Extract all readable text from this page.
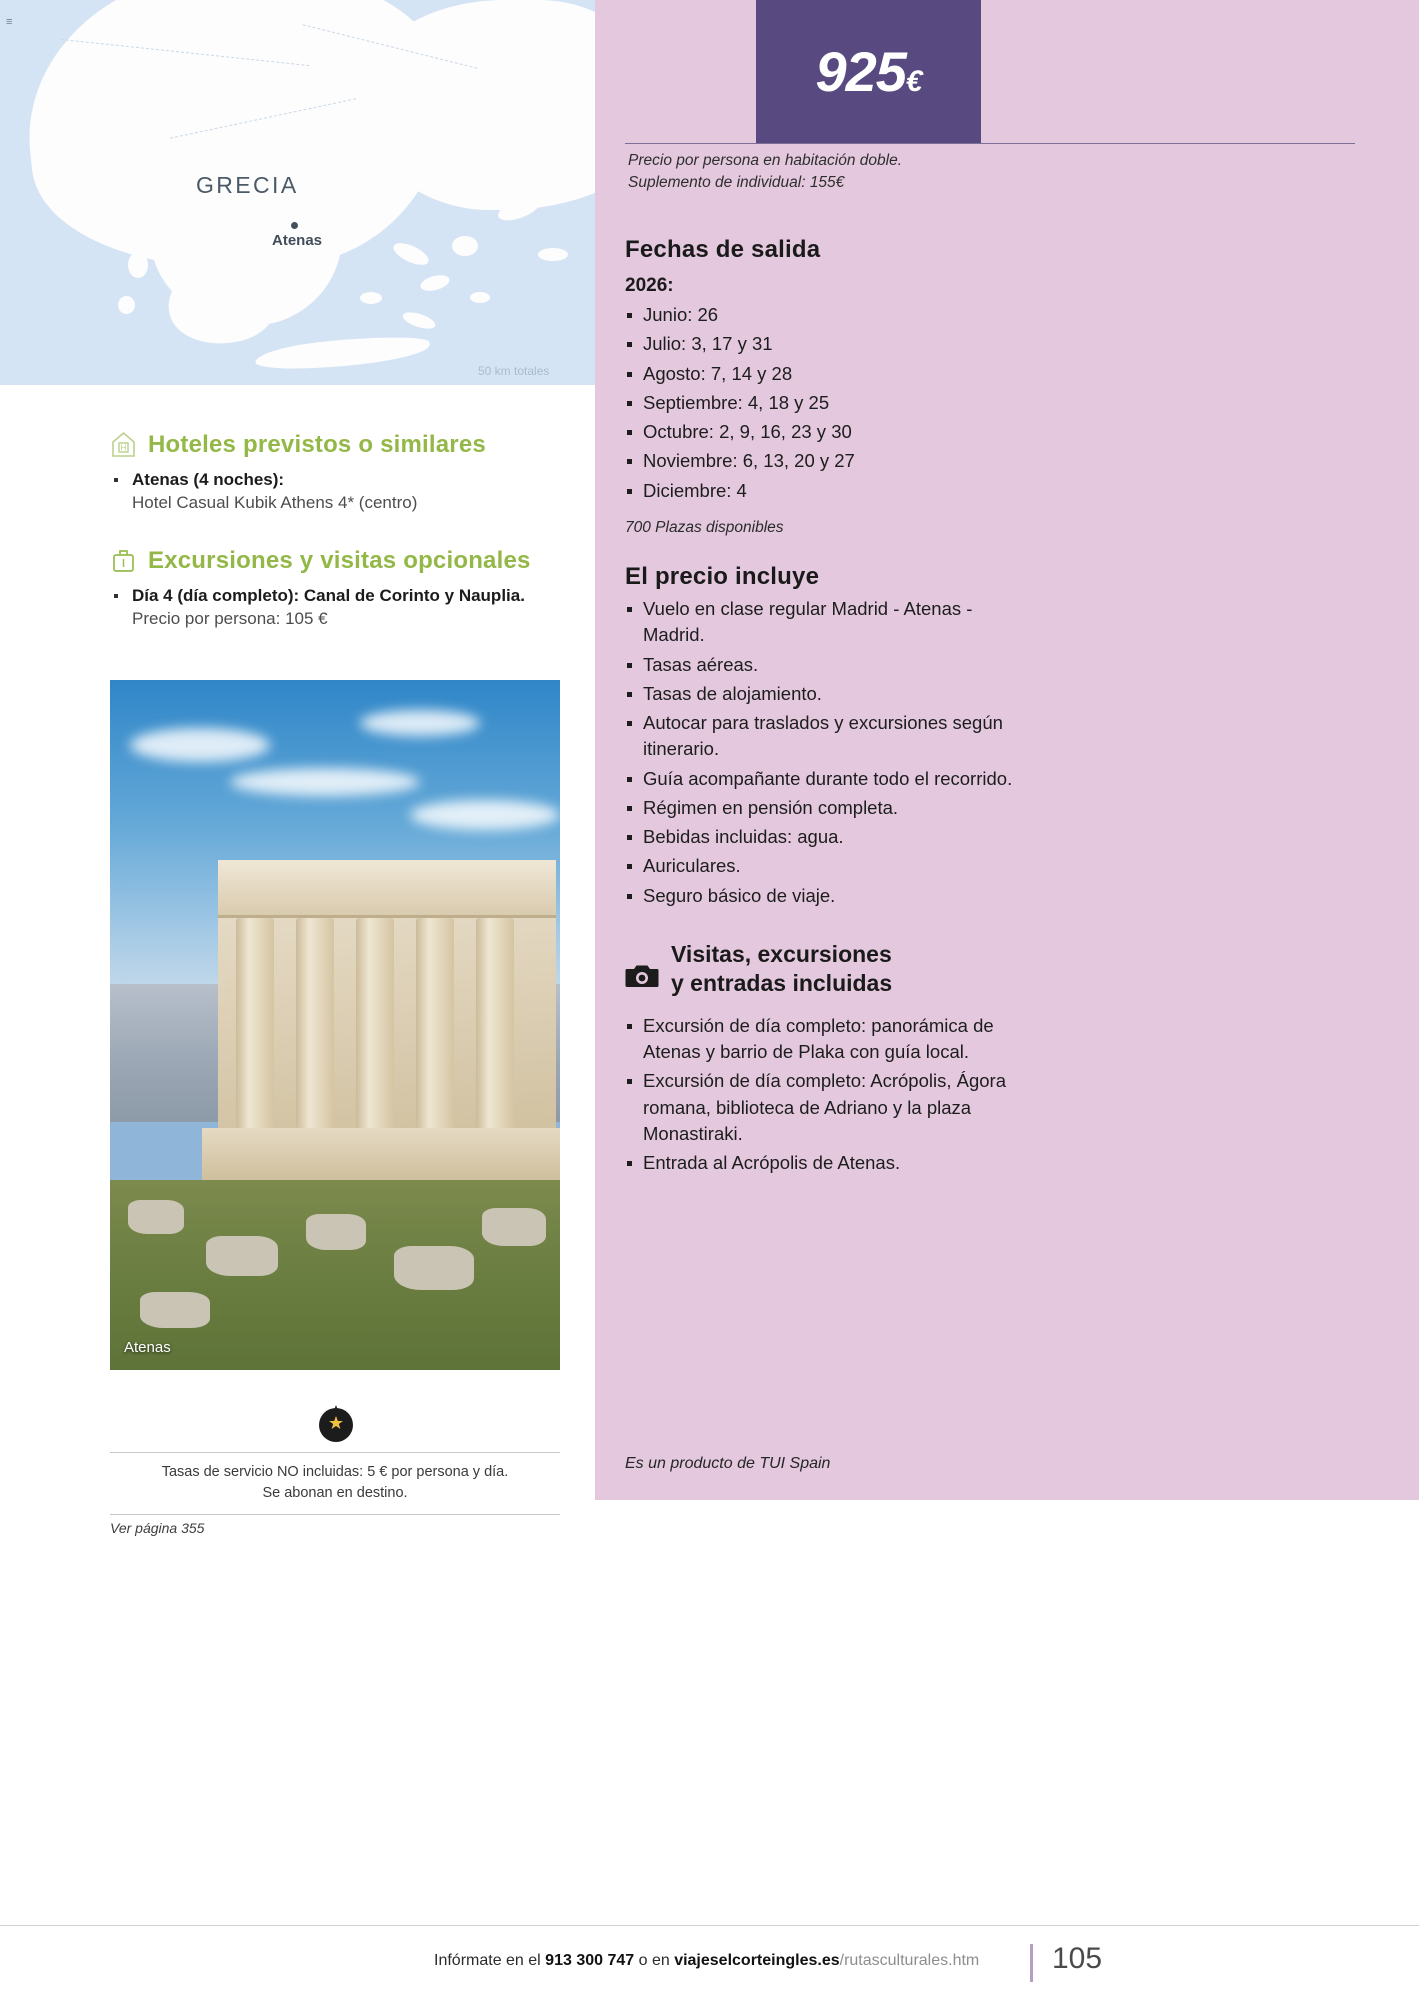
≡
GRECIA
Atenas
50 km totales
H Hoteles previstos o similares
Atenas (4 noches):
Hotel Casual Kubik Athens 4* (centro)
Excursiones y visitas opcionales
Día 4 (día completo): Canal de Corinto y Nauplia.
Precio por persona: 105 €
Atenas
Tasas de servicio NO incluidas: 5 € por persona y día.
Se abonan en destino.
Ver página 355
925€
Precio por persona en habitación doble.
Suplemento de individual: 155€
Fechas de salida
2026:
Junio: 26
Julio: 3, 17 y 31
Agosto: 7, 14 y 28
Septiembre: 4, 18 y 25
Octubre: 2, 9, 16, 23 y 30
Noviembre: 6, 13, 20 y 27
Diciembre: 4
700 Plazas disponibles
El precio incluye
Vuelo en clase regular Madrid - Atenas - Madrid.
Tasas aéreas.
Tasas de alojamiento.
Autocar para traslados y excursiones según itinerario.
Guía acompañante durante todo el recorrido.
Régimen en pensión completa.
Bebidas incluidas: agua.
Auriculares.
Seguro básico de viaje.
Visitas, excursiones
y entradas incluidas
Excursión de día completo: panorámica de Atenas y barrio de Plaka con guía local.
Excursión de día completo: Acrópolis, Ágora romana, biblioteca de Adriano y la plaza Monastiraki.
Entrada al Acrópolis de Atenas.
Es un producto de TUI Spain
Infórmate en el 913 300 747 o en viajeselcorteingles.es/rutasculturales.htm 105
